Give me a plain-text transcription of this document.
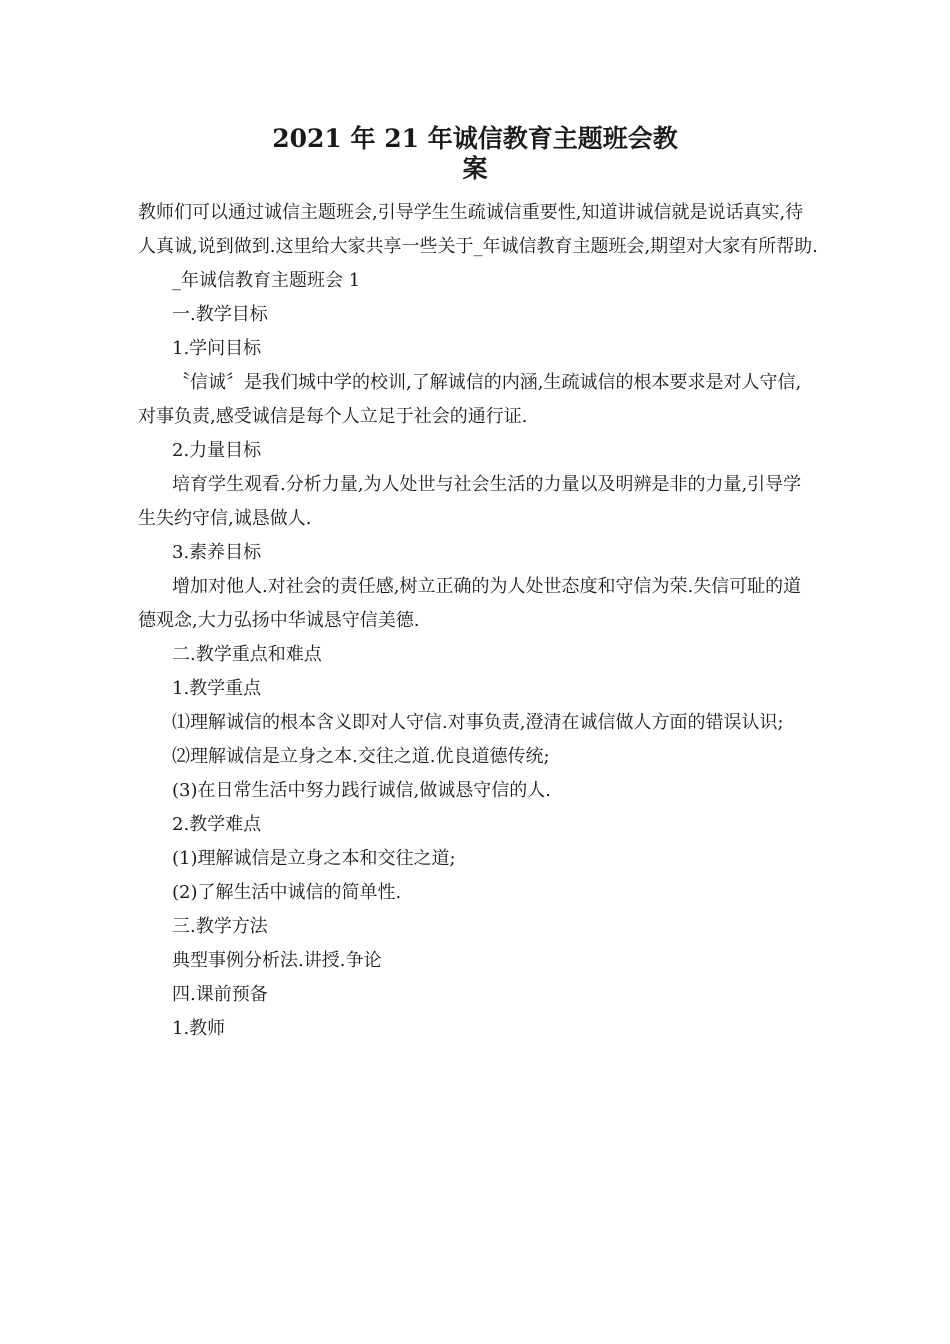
2021 年 21 年诚信教育主题班会教
案

教师们可以通过诚信主题班会,引导学生生疏诚信重要性,知道讲诚信就是说话真实,待人真诚,说到做到.这里给大家共享一些关于_年诚信教育主题班会,期望对大家有所帮助.

_年诚信教育主题班会 1

一.教学目标

1.学问目标

〝信诚〞是我们城中学的校训,了解诚信的内涵,生疏诚信的根本要求是对人守信,对事负责,感受诚信是每个人立足于社会的通行证.

2.力量目标

培育学生观看.分析力量,为人处世与社会生活的力量以及明辨是非的力量,引导学生失约守信,诚恳做人.

3.素养目标

增加对他人.对社会的责任感,树立正确的为人处世态度和守信为荣.失信可耻的道德观念,大力弘扬中华诚恳守信美德.

二.教学重点和难点

1.教学重点

⑴理解诚信的根本含义即对人守信.对事负责,澄清在诚信做人方面的错误认识;

⑵理解诚信是立身之本.交往之道.优良道德传统;

(3)在日常生活中努力践行诚信,做诚恳守信的人.

2.教学难点

(1)理解诚信是立身之本和交往之道;

(2)了解生活中诚信的简单性.

三.教学方法

典型事例分析法.讲授.争论

四.课前预备

1.教师
